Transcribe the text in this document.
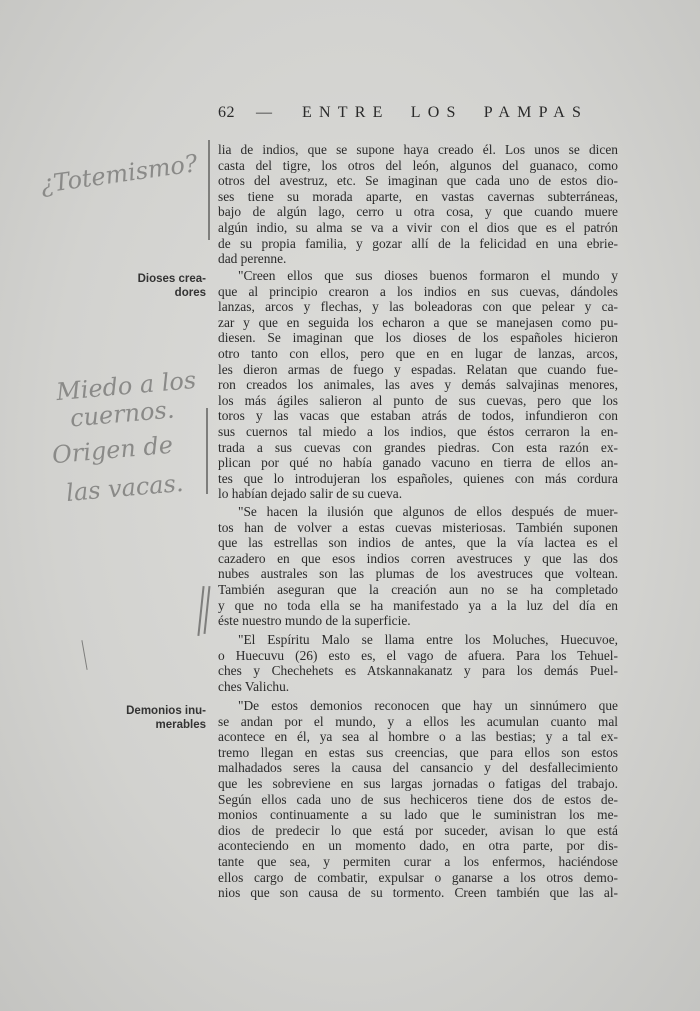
62 — ENTRE LOS PAMPAS
¿Totemismo?
Miedo a los
cuernos.
Origen de
las vacas.
Dioses crea-
dores
Demonios inu-
merables
lia de indios, que se supone haya creado él. Los unos se dicen
casta del tigre, los otros del león, algunos del guanaco, como
otros del avestruz, etc. Se imaginan que cada uno de estos dio-
ses tiene su morada aparte, en vastas cavernas subterráneas,
bajo de algún lago, cerro u otra cosa, y que cuando muere
algún indio, su alma se va a vivir con el dios que es el patrón
de su propia familia, y gozar allí de la felicidad en una ebrie-
dad perenne.
"Creen ellos que sus dioses buenos formaron el mundo y
que al principio crearon a los indios en sus cuevas, dándoles
lanzas, arcos y flechas, y las boleadoras con que pelear y ca-
zar y que en seguida los echaron a que se manejasen como pu-
diesen. Se imaginan que los dioses de los españoles hicieron
otro tanto con ellos, pero que en en lugar de lanzas, arcos,
les dieron armas de fuego y espadas. Relatan que cuando fue-
ron creados los animales, las aves y demás salvajinas menores,
los más ágiles salieron al punto de sus cuevas, pero que los
toros y las vacas que estaban atrás de todos, infundieron con
sus cuernos tal miedo a los indios, que éstos cerraron la en-
trada a sus cuevas con grandes piedras. Con esta razón ex-
plican por qué no había ganado vacuno en tierra de ellos an-
tes que lo introdujeran los españoles, quienes con más cordura
lo habían dejado salir de su cueva.
"Se hacen la ilusión que algunos de ellos después de muer-
tos han de volver a estas cuevas misteriosas. También suponen
que las estrellas son indios de antes, que la vía lactea es el
cazadero en que esos indios corren avestruces y que las dos
nubes australes son las plumas de los avestruces que voltean.
También aseguran que la creación aun no se ha completado
y que no toda ella se ha manifestado ya a la luz del día en
éste nuestro mundo de la superficie.
"El Espíritu Malo se llama entre los Moluches, Huecuvoe,
o Huecuvu (26) esto es, el vago de afuera. Para los Tehuel-
ches y Chechehets es Atskannakanatz y para los demás Puel-
ches Valichu.
"De estos demonios reconocen que hay un sinnúmero que
se andan por el mundo, y a ellos les acumulan cuanto mal
acontece en él, ya sea al hombre o a las bestias; y a tal ex-
tremo llegan en estas sus creencias, que para ellos son estos
malhadados seres la causa del cansancio y del desfallecimiento
que les sobreviene en sus largas jornadas o fatigas del trabajo.
Según ellos cada uno de sus hechiceros tiene dos de estos de-
monios continuamente a su lado que le suministran los me-
dios de predecir lo que está por suceder, avisan lo que está
aconteciendo en un momento dado, en otra parte, por dis-
tante que sea, y permiten curar a los enfermos, haciéndose
ellos cargo de combatir, expulsar o ganarse a los otros demo-
nios que son causa de su tormento. Creen también que las al-
